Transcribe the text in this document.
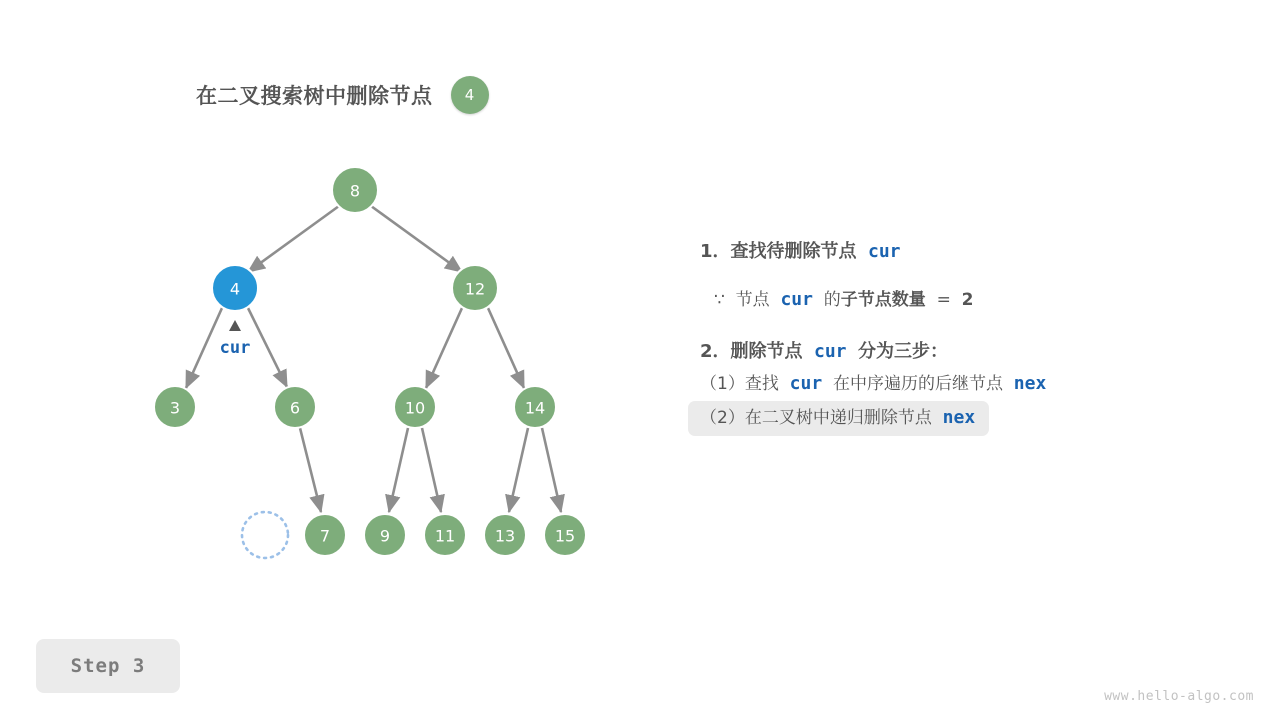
在二叉搜索树中删除节点	4
8
4	12
3	6	10	14
7	9	11 13 15
cur
1．查找待删除节点 cur
∵ 节点 cur 的子节点数量 = 2
2．删除节点 cur 分为三步：
（1）查找 cur 在中序遍历的后继节点 nex
（2）在二叉树中递归删除节点 nex
Step 3
www.hello-algo.com
